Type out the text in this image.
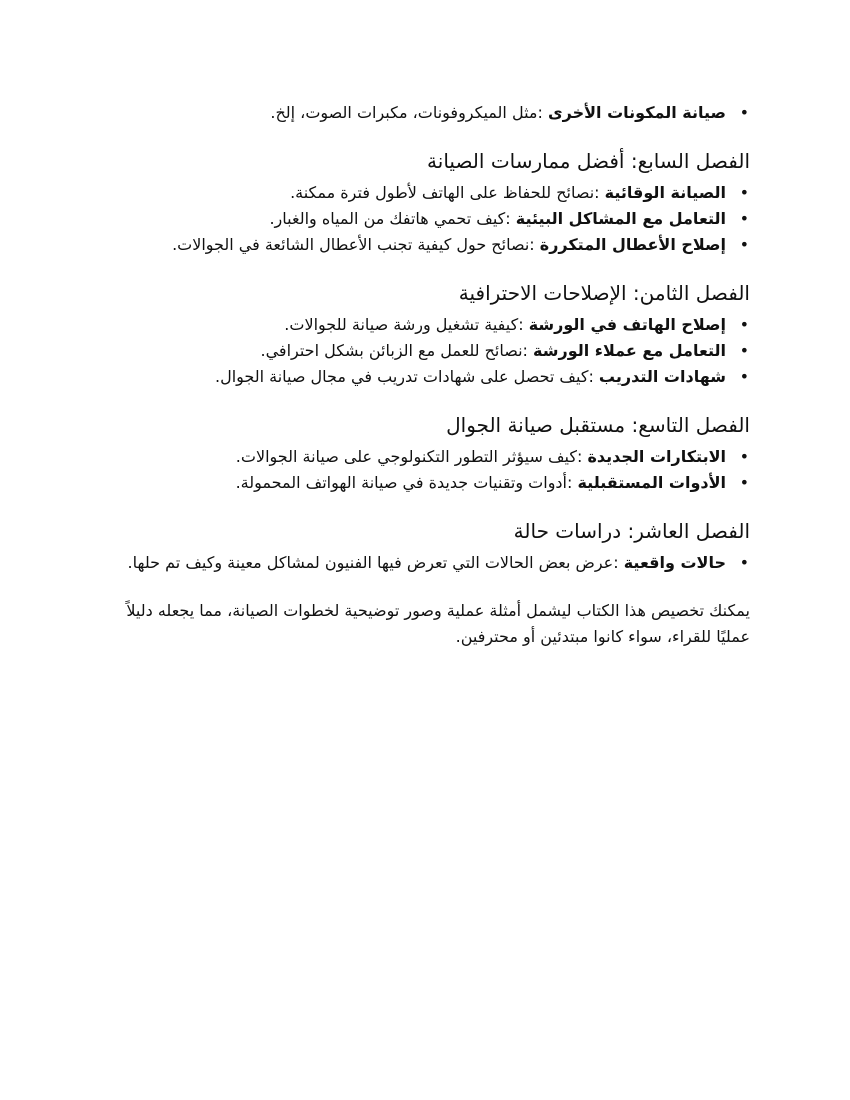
• صيانة المكونات الأخرى :مثل الميكروفونات، مكبرات الصوت، إلخ.
الفصل السابع: أفضل ممارسات الصيانة
• الصيانة الوقائية :نصائح للحفاظ على الهاتف لأطول فترة ممكنة.
• التعامل مع المشاكل البيئية :كيف تحمي هاتفك من المياه والغبار.
• إصلاح الأعطال المتكررة :نصائح حول كيفية تجنب الأعطال الشائعة في الجوالات.
الفصل الثامن: الإصلاحات الاحترافية
• إصلاح الهاتف في الورشة :كيفية تشغيل ورشة صيانة للجوالات.
• التعامل مع عملاء الورشة :نصائح للعمل مع الزبائن بشكل احترافي.
• شهادات التدريب :كيف تحصل على شهادات تدريب في مجال صيانة الجوال.
الفصل التاسع: مستقبل صيانة الجوال
• الابتكارات الجديدة :كيف سيؤثر التطور التكنولوجي على صيانة الجوالات.
• الأدوات المستقبلية :أدوات وتقنيات جديدة في صيانة الهواتف المحمولة.
الفصل العاشر: دراسات حالة
• حالات واقعية :عرض بعض الحالات التي تعرض فيها الفنيون لمشاكل معينة وكيف تم حلها.

يمكنك تخصيص هذا الكتاب ليشمل أمثلة عملية وصور توضيحية لخطوات الصيانة، مما يجعله دليلاً عمليًا للقراء، سواء كانوا مبتدئين أو محترفين.
